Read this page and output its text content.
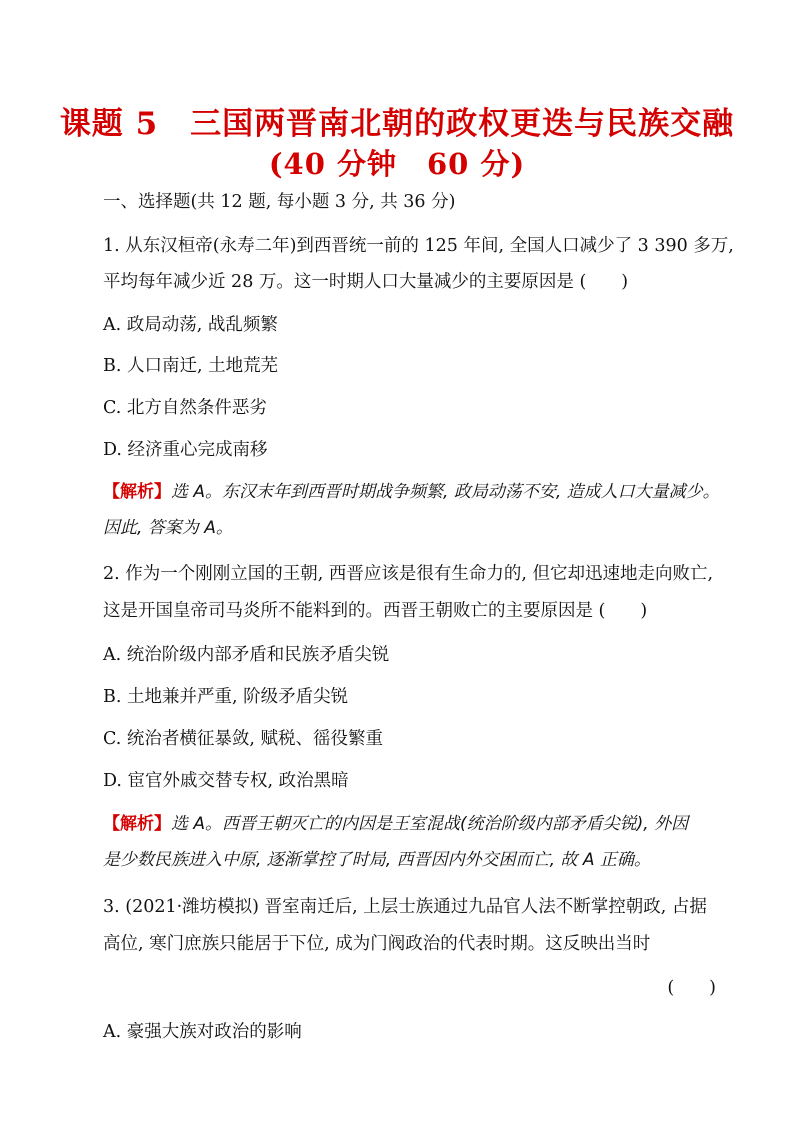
课题 5　三国两晋南北朝的政权更迭与民族交融
(40 分钟　60 分)
一、选择题(共 12 题, 每小题 3 分, 共 36 分)
1. 从东汉桓帝(永寿二年)到西晋统一前的 125 年间, 全国人口减少了 3 390 多万,
平均每年减少近 28 万。这一时期人口大量减少的主要原因是 (　　)
A. 政局动荡, 战乱频繁
B. 人口南迁, 土地荒芜
C. 北方自然条件恶劣
D. 经济重心完成南移
【解析】选 A。东汉末年到西晋时期战争频繁, 政局动荡不安, 造成人口大量减少。
因此, 答案为 A。
2. 作为一个刚刚立国的王朝, 西晋应该是很有生命力的, 但它却迅速地走向败亡,
这是开国皇帝司马炎所不能料到的。西晋王朝败亡的主要原因是 (　　)
A. 统治阶级内部矛盾和民族矛盾尖锐
B. 土地兼并严重, 阶级矛盾尖锐
C. 统治者横征暴敛, 赋税、徭役繁重
D. 宦官外戚交替专权, 政治黑暗
【解析】选 A。西晋王朝灭亡的内因是王室混战(统治阶级内部矛盾尖锐), 外因
是少数民族进入中原, 逐渐掌控了时局, 西晋因内外交困而亡, 故 A 正确。
3. (2021·潍坊模拟) 晋室南迁后, 上层士族通过九品官人法不断掌控朝政, 占据
高位, 寒门庶族只能居于下位, 成为门阀政治的代表时期。这反映出当时
(　　)
A. 豪强大族对政治的影响
